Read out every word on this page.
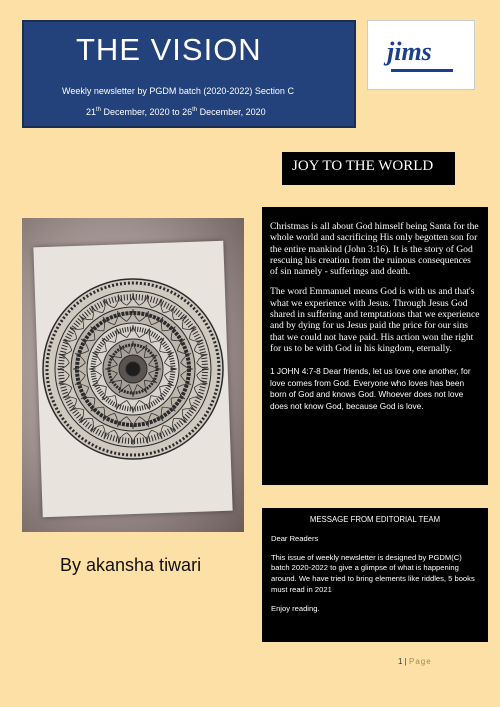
THE VISION
Weekly newsletter by PGDM batch (2020-2022) Section C
21th December, 2020 to 26th December, 2020
jims
JOY TO THE WORLD
By akansha tiwari

Christmas is all about God himself being Santa for the whole world and sacrificing His only begotten son for the entire mankind (John 3:16). It is the story of God rescuing his creation from the ruinous consequences of sin namely - sufferings and death.

The word Emmanuel means God is with us and that's what we experience with Jesus. Through Jesus God shared in suffering and temptations that we experience and by dying for us Jesus paid the price for our sins that we could not have paid. His action won the right for us to be with God in his kingdom, eternally.

1 JOHN 4:7-8 Dear friends, let us love one another, for love comes from God. Everyone who loves has been born of God and knows God. Whoever does not love does not know God, because God is love.

MESSAGE FROM EDITORIAL TEAM

Dear Readers

This issue of weekly newsletter is designed by PGDM(C) batch 2020-2022 to give a glimpse of what is happening around. We have tried to bring elements like riddles, 5 books must read in 2021

Enjoy reading.

1 | Page
